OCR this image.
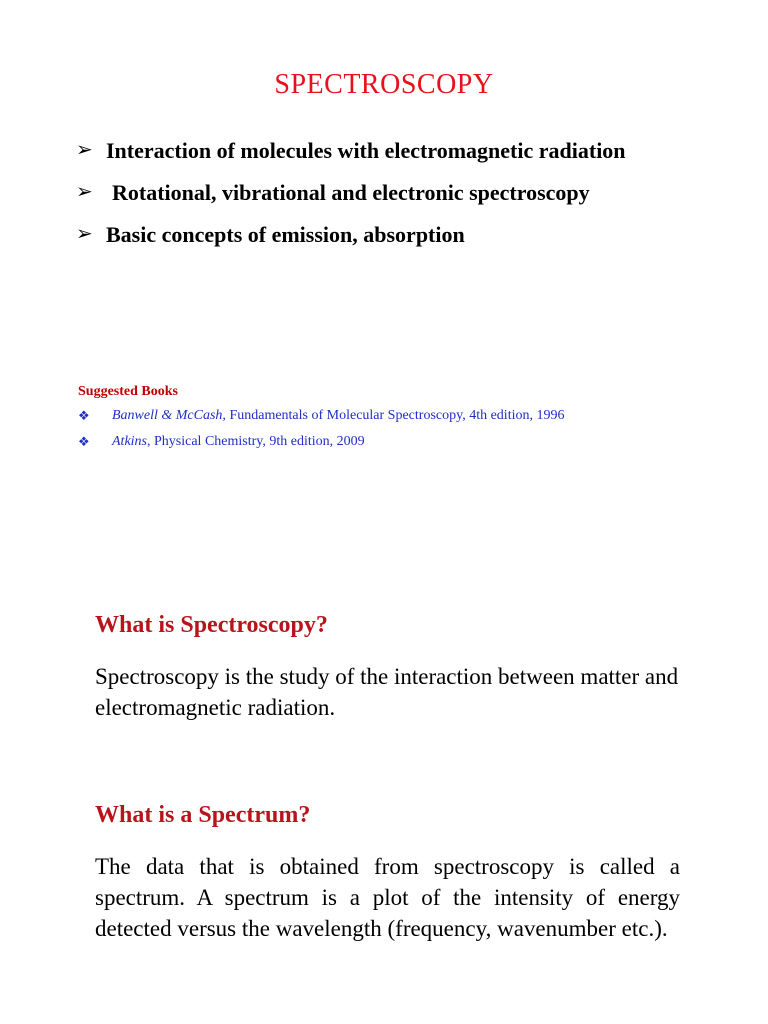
SPECTROSCOPY
➢ Interaction of molecules with electromagnetic radiation
➢ Rotational, vibrational and electronic spectroscopy
➢ Basic concepts of emission, absorption
Suggested Books
❖ Banwell & McCash, Fundamentals of Molecular Spectroscopy, 4th edition, 1996
❖ Atkins, Physical Chemistry, 9th edition, 2009
What is Spectroscopy?

Spectroscopy is the study of the interaction between matter and electromagnetic radiation.

What is a Spectrum?

The data that is obtained from spectroscopy is called a spectrum. A spectrum is a plot of the intensity of energy detected versus the wavelength (frequency, wavenumber etc.).
